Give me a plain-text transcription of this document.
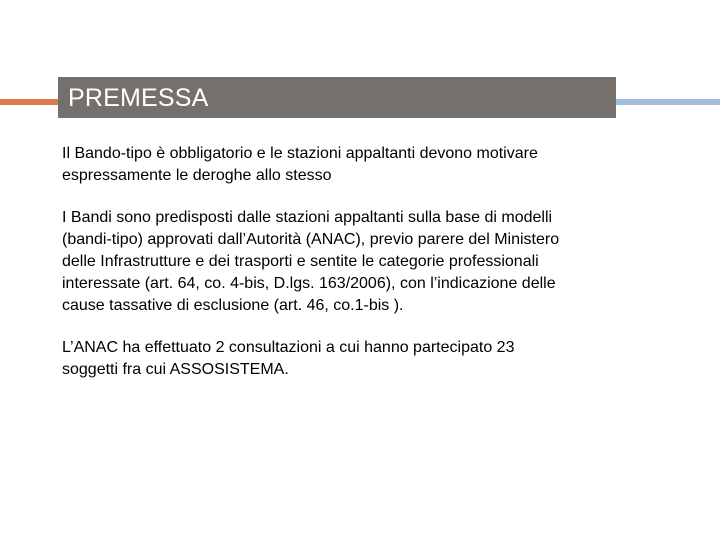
PREMESSA

Il Bando-tipo è obbligatorio e le stazioni appaltanti devono motivare
espressamente le deroghe allo stesso

I Bandi sono predisposti dalle stazioni appaltanti sulla base di modelli
(bandi-tipo) approvati dall’Autorità (ANAC), previo parere del Ministero
delle Infrastrutture e dei trasporti e sentite le categorie professionali
interessate (art. 64, co. 4-bis, D.lgs. 163/2006), con l’indicazione delle
cause tassative di esclusione (art. 46, co.1-bis ).

L’ANAC ha effettuato 2 consultazioni a cui hanno partecipato 23
soggetti fra cui ASSOSISTEMA.
